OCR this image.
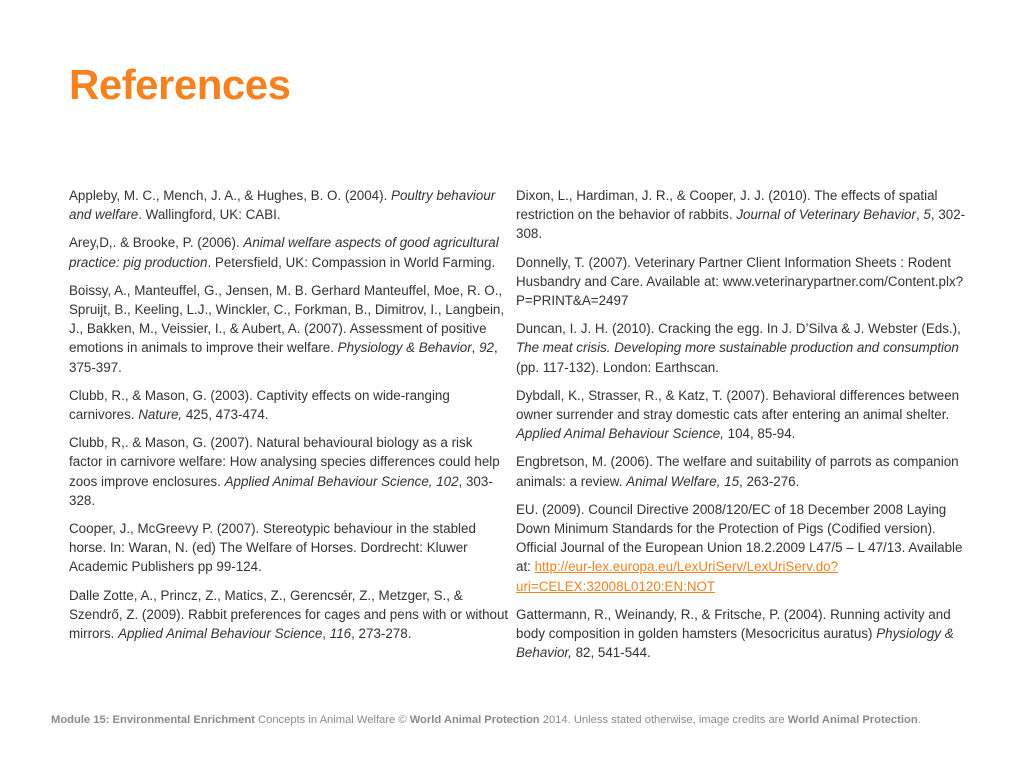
References

Appleby, M. C., Mench, J. A., & Hughes, B. O. (2004). Poultry behaviour and welfare. Wallingford, UK: CABI.

Arey,D,. & Brooke, P. (2006). Animal welfare aspects of good agricultural practice: pig production. Petersfield, UK: Compassion in World Farming.

Boissy, A., Manteuffel, G., Jensen, M. B. Gerhard Manteuffel, Moe, R. O., Spruijt, B., Keeling, L.J., Winckler, C., Forkman, B., Dimitrov, I., Langbein, J., Bakken, M., Veissier, I., & Aubert, A. (2007). Assessment of positive emotions in animals to improve their welfare. Physiology & Behavior, 92, 375-397.

Clubb, R., & Mason, G. (2003). Captivity effects on wide-ranging carnivores. Nature, 425, 473-474.

Clubb, R,. & Mason, G. (2007). Natural behavioural biology as a risk factor in carnivore welfare: How analysing species differences could help zoos improve enclosures. Applied Animal Behaviour Science, 102, 303-328.

Cooper, J., McGreevy P. (2007). Stereotypic behaviour in the stabled horse. In: Waran, N. (ed) The Welfare of Horses. Dordrecht: Kluwer Academic Publishers pp 99-124.

Dalle Zotte, A., Princz, Z., Matics, Z., Gerencsér, Z., Metzger, S., & Szendrő, Z. (2009). Rabbit preferences for cages and pens with or without mirrors. Applied Animal Behaviour Science, 116, 273-278.

Dixon, L., Hardiman, J. R., & Cooper, J. J. (2010). The effects of spatial restriction on the behavior of rabbits. Journal of Veterinary Behavior, 5, 302-308.

Donnelly, T. (2007). Veterinary Partner Client Information Sheets : Rodent Husbandry and Care. Available at: www.veterinarypartner.com/Content.plx?P=PRINT&A=2497

Duncan, I. J. H. (2010). Cracking the egg. In J. D’Silva & J. Webster (Eds.), The meat crisis. Developing more sustainable production and consumption (pp. 117-132). London: Earthscan.

Dybdall, K., Strasser, R., & Katz, T. (2007). Behavioral differences between owner surrender and stray domestic cats after entering an animal shelter. Applied Animal Behaviour Science, 104, 85-94.

Engbretson, M. (2006). The welfare and suitability of parrots as companion animals: a review. Animal Welfare, 15, 263-276.

EU. (2009). Council Directive 2008/120/EC of 18 December 2008 Laying Down Minimum Standards for the Protection of Pigs (Codified version). Official Journal of the European Union 18.2.2009 L47/5 – L 47/13. Available at: http://eur-lex.europa.eu/LexUriServ/LexUriServ.do?uri=CELEX:32008L0120:EN:NOT

Gattermann, R., Weinandy, R., & Fritsche, P. (2004). Running activity and body composition in golden hamsters (Mesocricitus auratus) Physiology & Behavior, 82, 541-544.

Module 15: Environmental Enrichment Concepts in Animal Welfare © World Animal Protection 2014. Unless stated otherwise, image credits are World Animal Protection.
